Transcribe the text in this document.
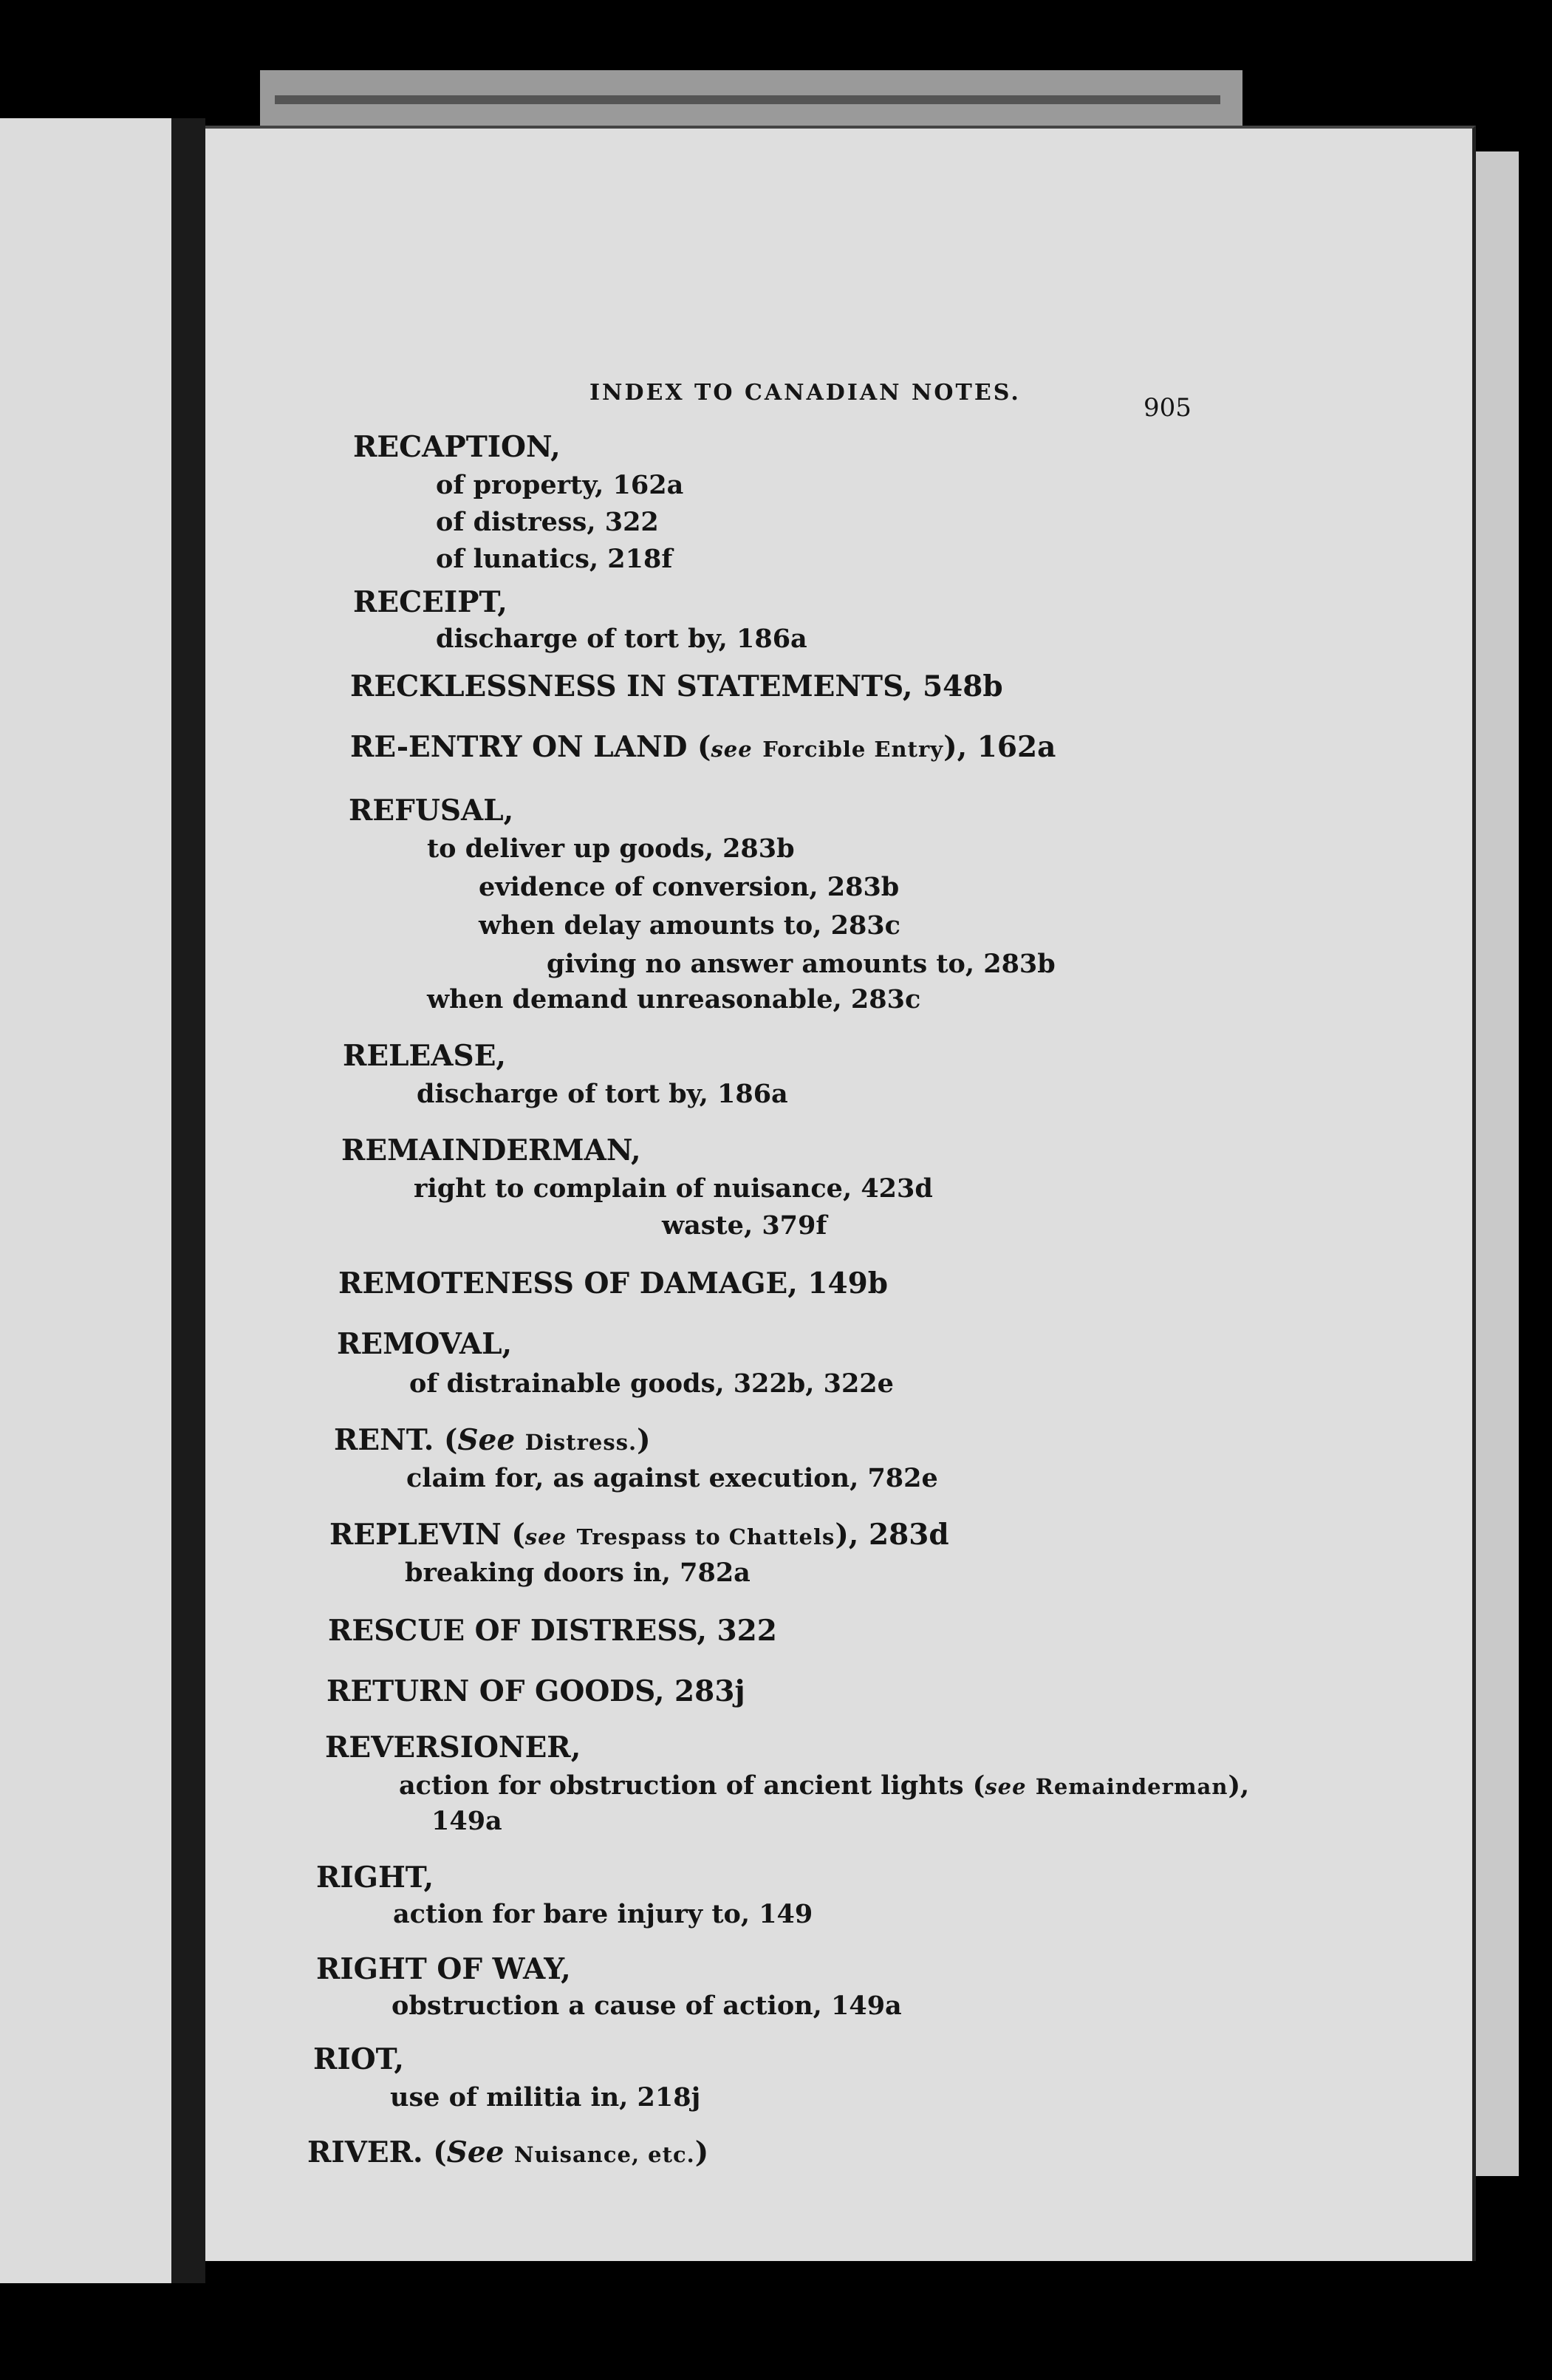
INDEX TO CANADIAN NOTES.
905
RECAPTION,
of property, 162a
of distress, 322
of lunatics, 218f
RECEIPT,
discharge of tort by, 186a
RECKLESSNESS IN STATEMENTS, 548b
RE-ENTRY ON LAND (see Forcible Entry), 162a
REFUSAL,
to deliver up goods, 283b
evidence of conversion, 283b
when delay amounts to, 283c
giving no answer amounts to, 283b
when demand unreasonable, 283c
RELEASE,
discharge of tort by, 186a
REMAINDERMAN,
right to complain of nuisance, 423d
waste, 379f
REMOTENESS OF DAMAGE, 149b
REMOVAL,
of distrainable goods, 322b, 322e
RENT. (See Distress.)
claim for, as against execution, 782e
REPLEVIN (see Trespass to Chattels), 283d
breaking doors in, 782a
RESCUE OF DISTRESS, 322
RETURN OF GOODS, 283j
REVERSIONER,
action for obstruction of ancient lights (see Remainderman),
149a
RIGHT,
action for bare injury to, 149
RIGHT OF WAY,
obstruction a cause of action, 149a
RIOT,
use of militia in, 218j
RIVER. (See Nuisance, etc.)
